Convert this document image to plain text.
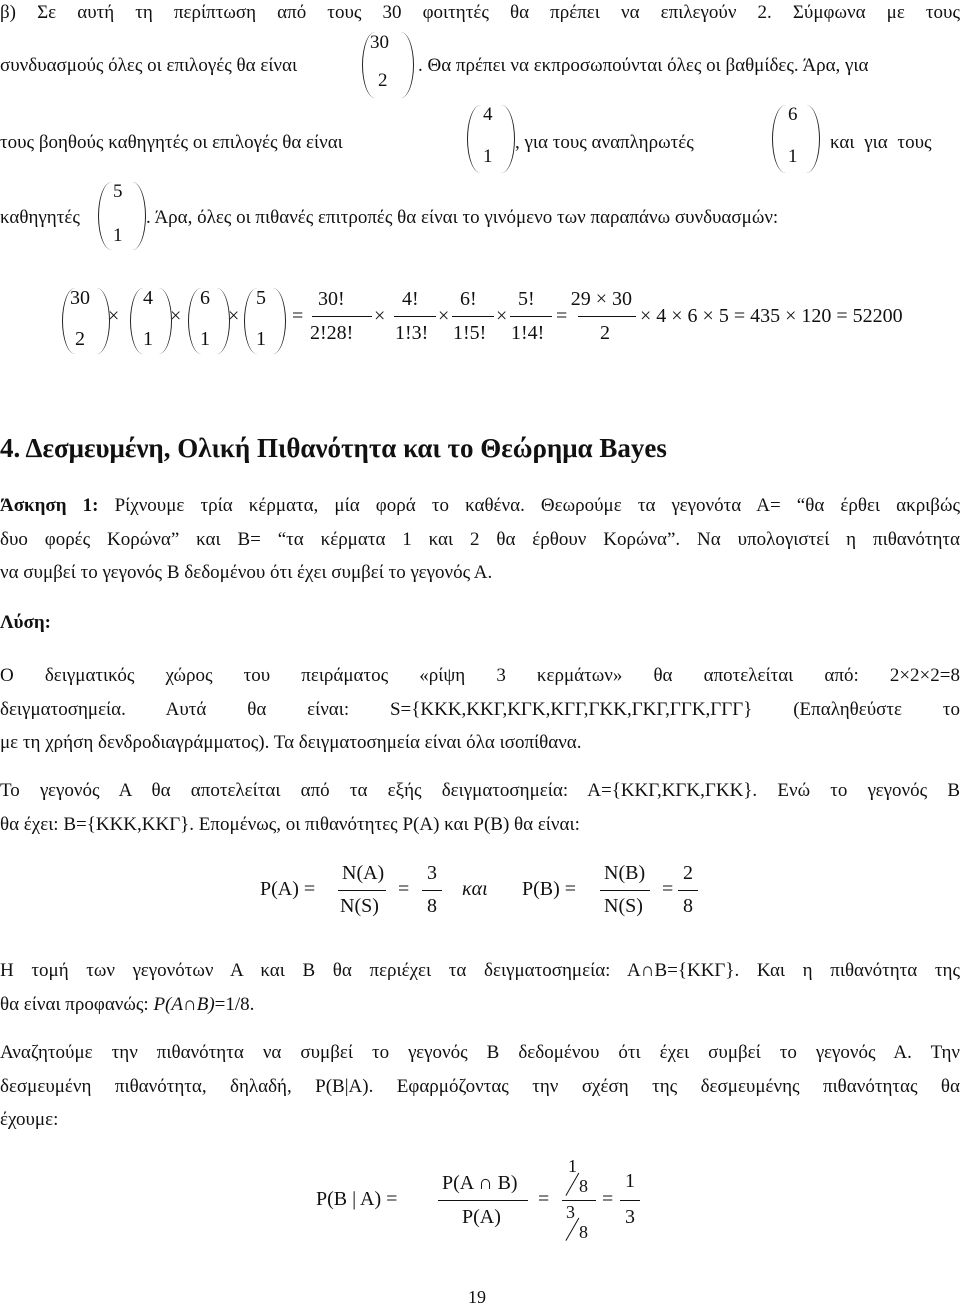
β) Σε αυτή τη περίπτωση από τους 30 φοιτητές θα πρέπει να επιλεγούν 2. Σύμφωνα με τους
συνδυασμούς όλες οι επιλογές θα είναι
30
2
. Θα πρέπει να εκπροσωπούνται όλες οι βαθμίδες. Άρα, για
τους βοηθούς καθηγητές οι επιλογές θα είναι
4
1
, για τους αναπληρωτές
6
1
και για τους
καθηγητές
5
1
. Άρα, όλες οι πιθανές επιτροπές θα είναι το γινόμενο των παραπάνω συνδυασμών:
30
2
×
4
1
×
6
1
×
5
1
=
30!
2!28!
×
4!
1!3!
×
6!
1!5!
×
5!
1!4!
=
29 × 30
2
× 4 × 6 × 5 = 435 × 120 = 52200
4. Δεσμευμένη, Ολική Πιθανότητα και το Θεώρημα Bayes
Άσκηση 1: Ρίχνουμε τρία κέρματα, μία φορά το καθένα. Θεωρούμε τα γεγονότα Α= “θα έρθει ακριβώς
δυο φορές Κορώνα” και Β= “τα κέρματα 1 και 2 θα έρθουν Κορώνα”. Να υπολογιστεί η πιθανότητα
να συμβεί το γεγονός Β δεδομένου ότι έχει συμβεί το γεγονός Α.
Λύση:
Ο δειγματικός χώρος του πειράματος «ρίψη 3 κερμάτων» θα αποτελείται από: 2×2×2=8
δειγματοσημεία. Αυτά θα είναι: S={ΚΚΚ,ΚΚΓ,ΚΓΚ,ΚΓΓ,ΓΚΚ,ΓΚΓ,ΓΓΚ,ΓΓΓ} (Επαληθεύστε το
με τη χρήση δενδροδιαγράμματος). Τα δειγματοσημεία είναι όλα ισοπίθανα.
Το γεγονός Α θα αποτελείται από τα εξής δειγματοσημεία: Α={ΚΚΓ,ΚΓΚ,ΓΚΚ}. Ενώ το γεγονός Β
θα έχει: Β={ΚΚΚ,ΚΚΓ}. Επομένως, οι πιθανότητες P(A) και P(B) θα είναι:
P(A) =
N(A)
N(S)
=
3
8
και P(B) =
N(B)
N(S)
=
2
8
Η τομή των γεγονότων Α και Β θα περιέχει τα δειγματοσημεία: Α∩Β={ΚΚΓ}. Και η πιθανότητα της
θα είναι προφανώς: P(A∩B)=1/8.
Αναζητούμε την πιθανότητα να συμβεί το γεγονός Β δεδομένου ότι έχει συμβεί το γεγονός Α. Την
δεσμευμένη πιθανότητα, δηλαδή, P(B|A). Εφαρμόζοντας την σχέση της δεσμευμένης πιθανότητας θα
έχουμε:
P(B | A) =
P(A ∩ B)
P(A)
=
1
8
3
8
=
1
3
19
